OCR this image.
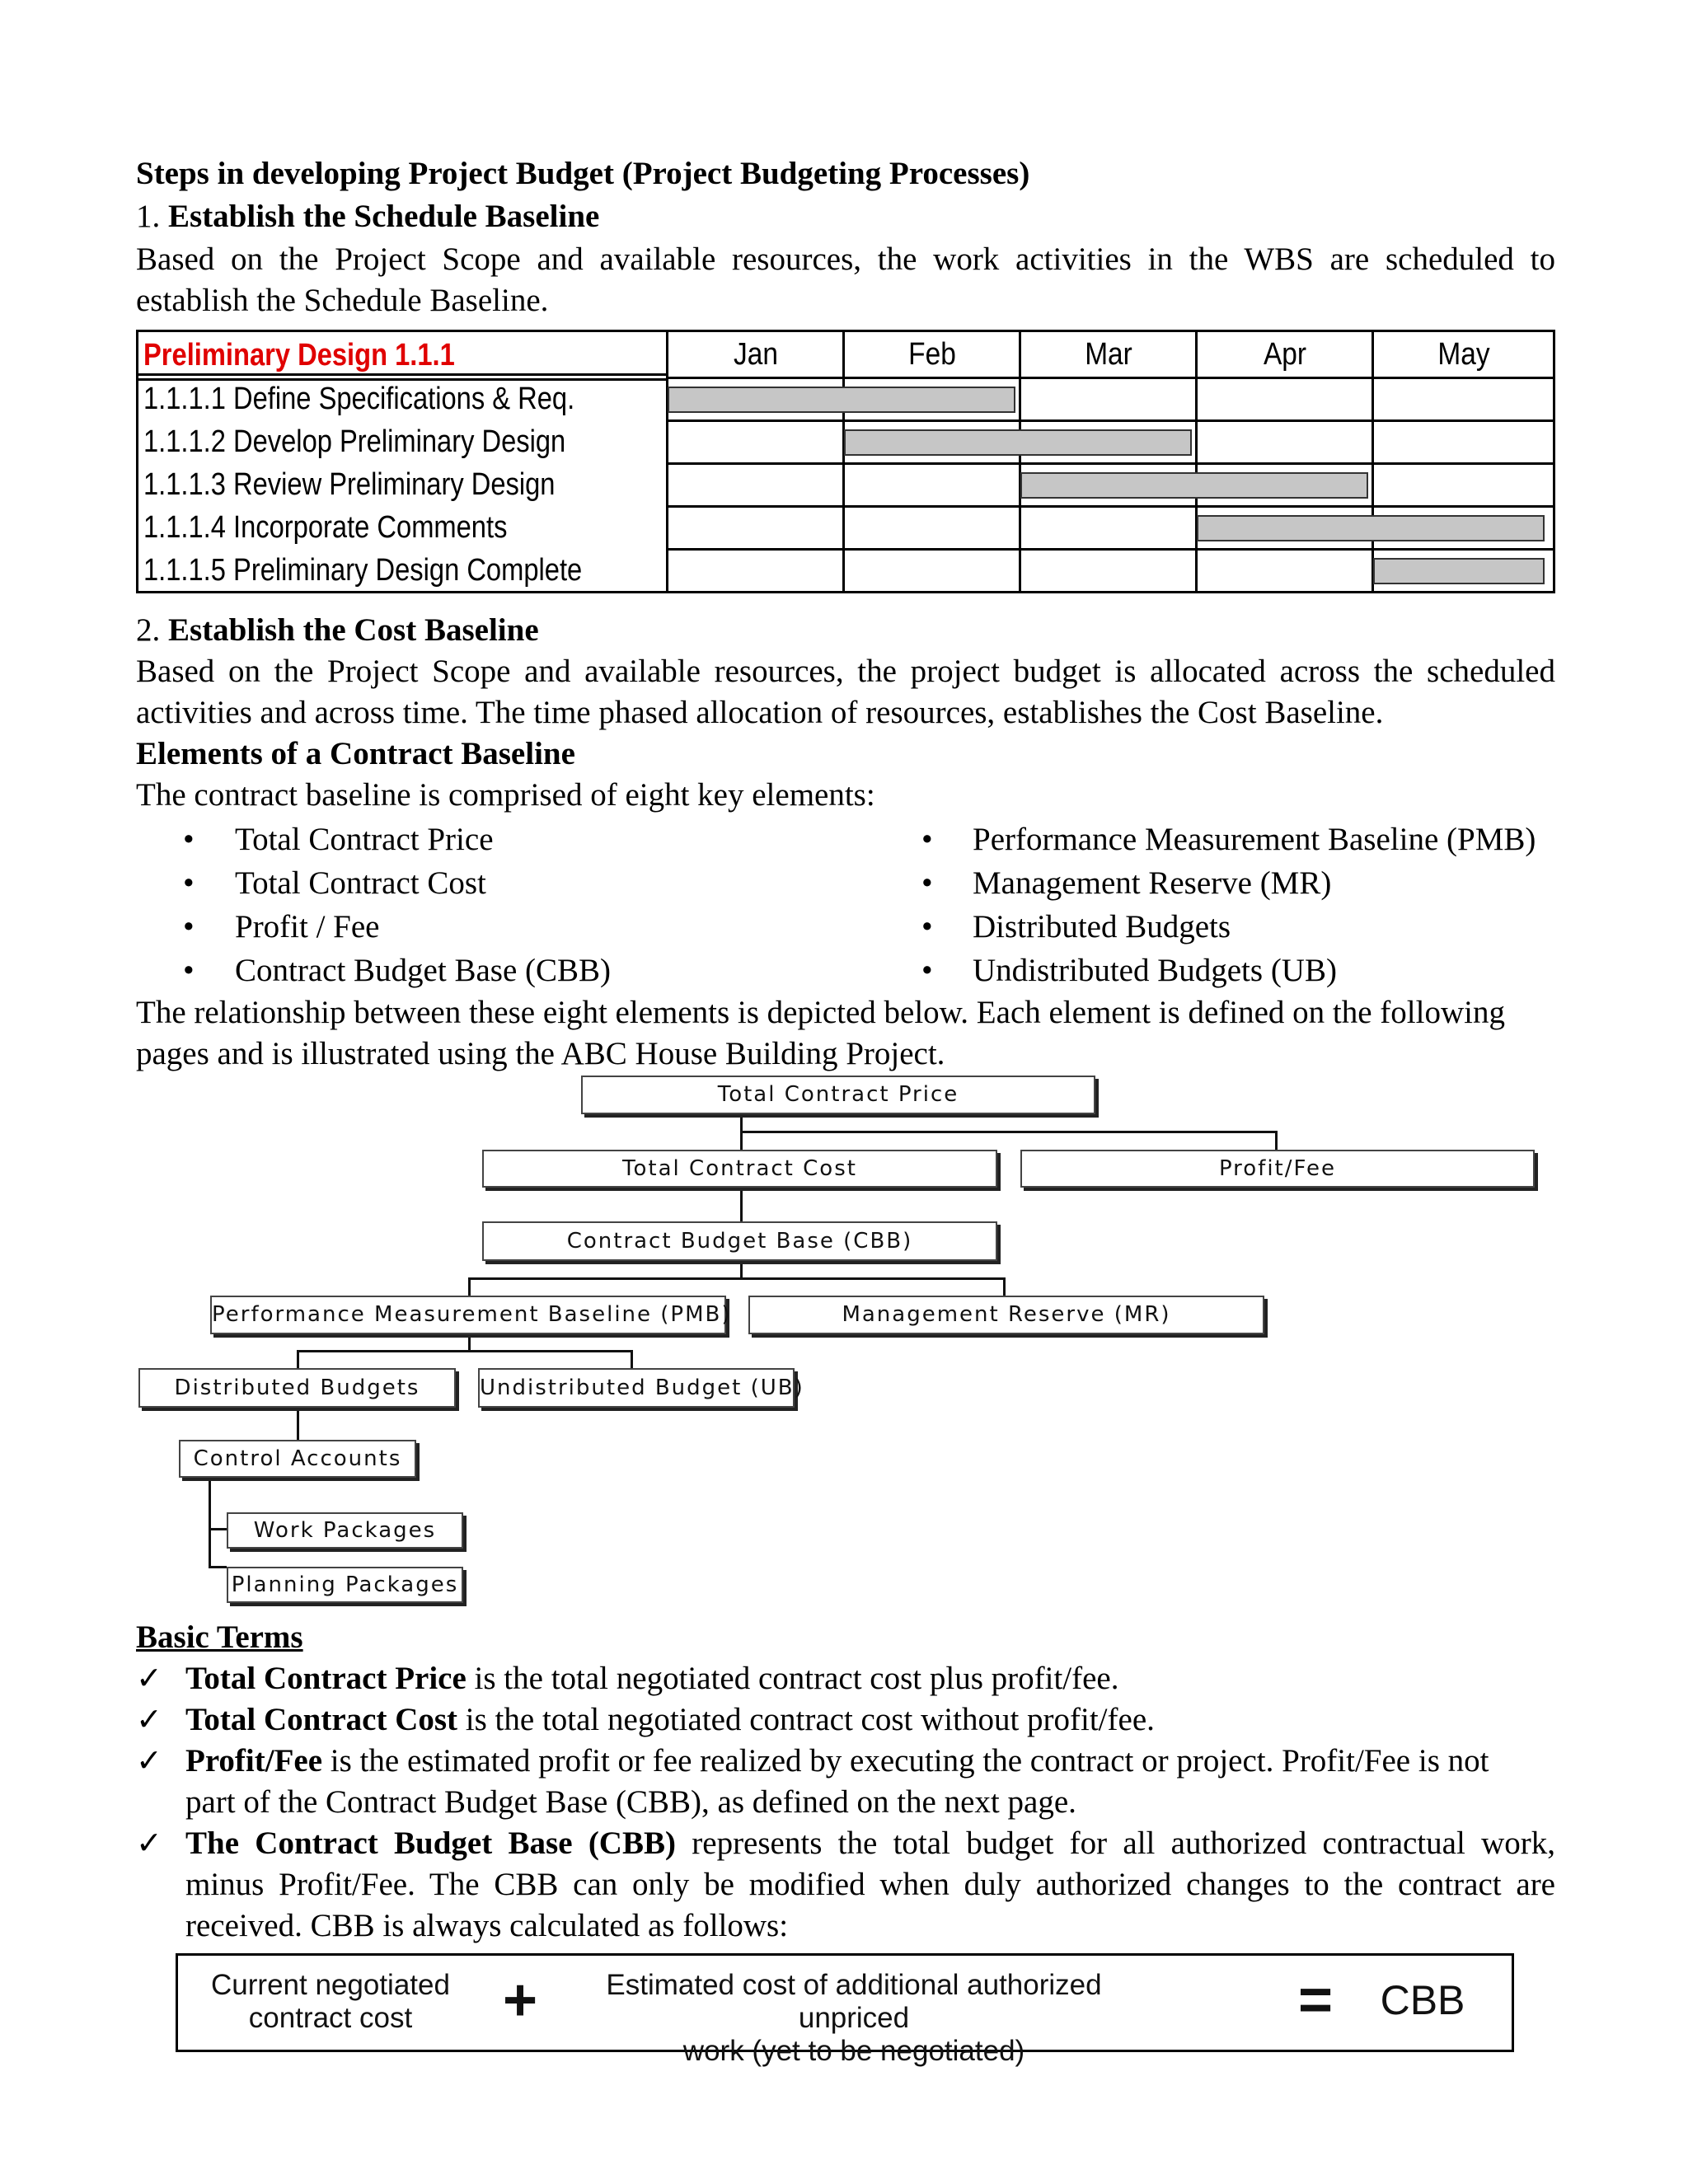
Steps in developing Project Budget (Project Budgeting Processes)
1. Establish the Schedule Baseline
Based on the Project Scope and available resources, the work activities in the WBS are scheduled to
establish the Schedule Baseline.
Preliminary Design 1.1.1	Jan	Feb	Mar	Apr	May
1.1.1.1 Define Specifications & Req.
1.1.1.2 Develop Preliminary Design
1.1.1.3 Review Preliminary Design
1.1.1.4 Incorporate Comments
1.1.1.5 Preliminary Design Complete
2. Establish the Cost Baseline
Based on the Project Scope and available resources, the project budget is allocated across the scheduled
activities and across time. The time phased allocation of resources, establishes the Cost Baseline.
Elements of a Contract Baseline
The contract baseline is comprised of eight key elements:
• Total Contract Price
• Total Contract Cost
• Profit / Fee
• Contract Budget Base (CBB)
• Performance Measurement Baseline (PMB)
• Management Reserve (MR)
• Distributed Budgets
• Undistributed Budgets (UB)
The relationship between these eight elements is depicted below. Each element is defined on the following
pages and is illustrated using the ABC House Building Project.
Total Contract Price
Total Contract Cost	Profit/Fee
Contract Budget Base (CBB)
Performance Measurement Baseline (PMB)	Management Reserve (MR)
Distributed Budgets	Undistributed Budget (UB)
Control Accounts
Work Packages
Planning Packages
Basic Terms
✓ Total Contract Price is the total negotiated contract cost plus profit/fee.
✓ Total Contract Cost is the total negotiated contract cost without profit/fee.
✓ Profit/Fee is the estimated profit or fee realized by executing the contract or project. Profit/Fee is not
part of the Contract Budget Base (CBB), as defined on the next page.
✓ The Contract Budget Base (CBB) represents the total budget for all authorized contractual work,
minus Profit/Fee. The CBB can only be modified when duly authorized changes to the contract are
received. CBB is always calculated as follows:
Current negotiated
contract cost	+	Estimated cost of additional authorized unpriced
work (yet to be negotiated)
=	CBB
